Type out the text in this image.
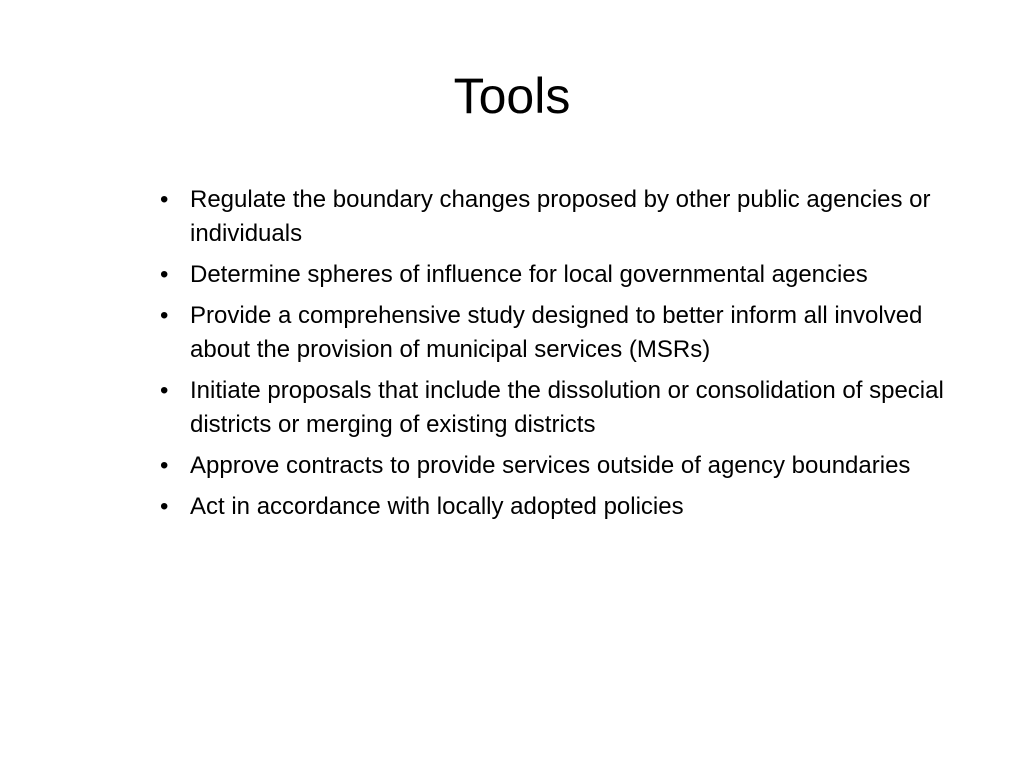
Tools
• Regulate the boundary changes proposed by other public agencies or individuals
• Determine spheres of influence for local governmental agencies
• Provide a comprehensive study designed to better inform all involved about the provision of municipal services (MSRs)
• Initiate proposals that include the dissolution or consolidation of special districts or merging of existing districts
• Approve contracts to provide services outside of agency boundaries
• Act in accordance with locally adopted policies
